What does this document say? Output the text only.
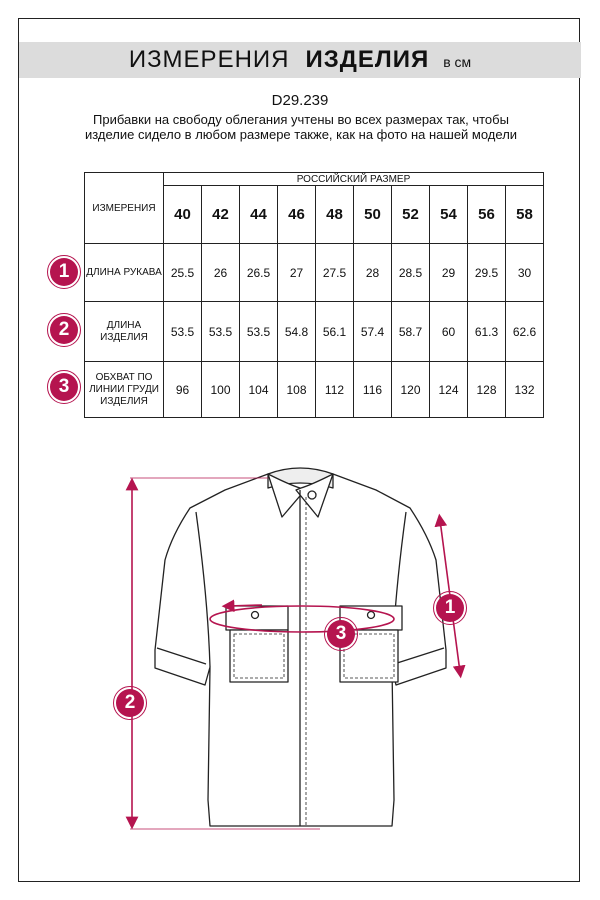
ИЗМЕРЕНИЯ ИЗДЕЛИЯ в см
D29.239
Прибавки на свободу облегания учтены во всех размерах так, чтобы изделие сидело в любом размере также, как на фото на нашей модели
ИЗМЕРЕНИЯ	РОССИЙСКИЙ РАЗМЕР									
	40	42	44	46	48	50	52	54	56	58
ДЛИНА РУКАВА	25.5	26	26.5	27	27.5	28	28.5	29	29.5	30
ДЛИНА ИЗДЕЛИЯ	53.5	53.5	53.5	54.8	56.1	57.4	58.7	60	61.3	62.6
ОБХВАТ ПО ЛИНИИ ГРУДИ ИЗДЕЛИЯ	96	100	104	108	112	116	120	124	128	132
1
2
3
1
2
3
